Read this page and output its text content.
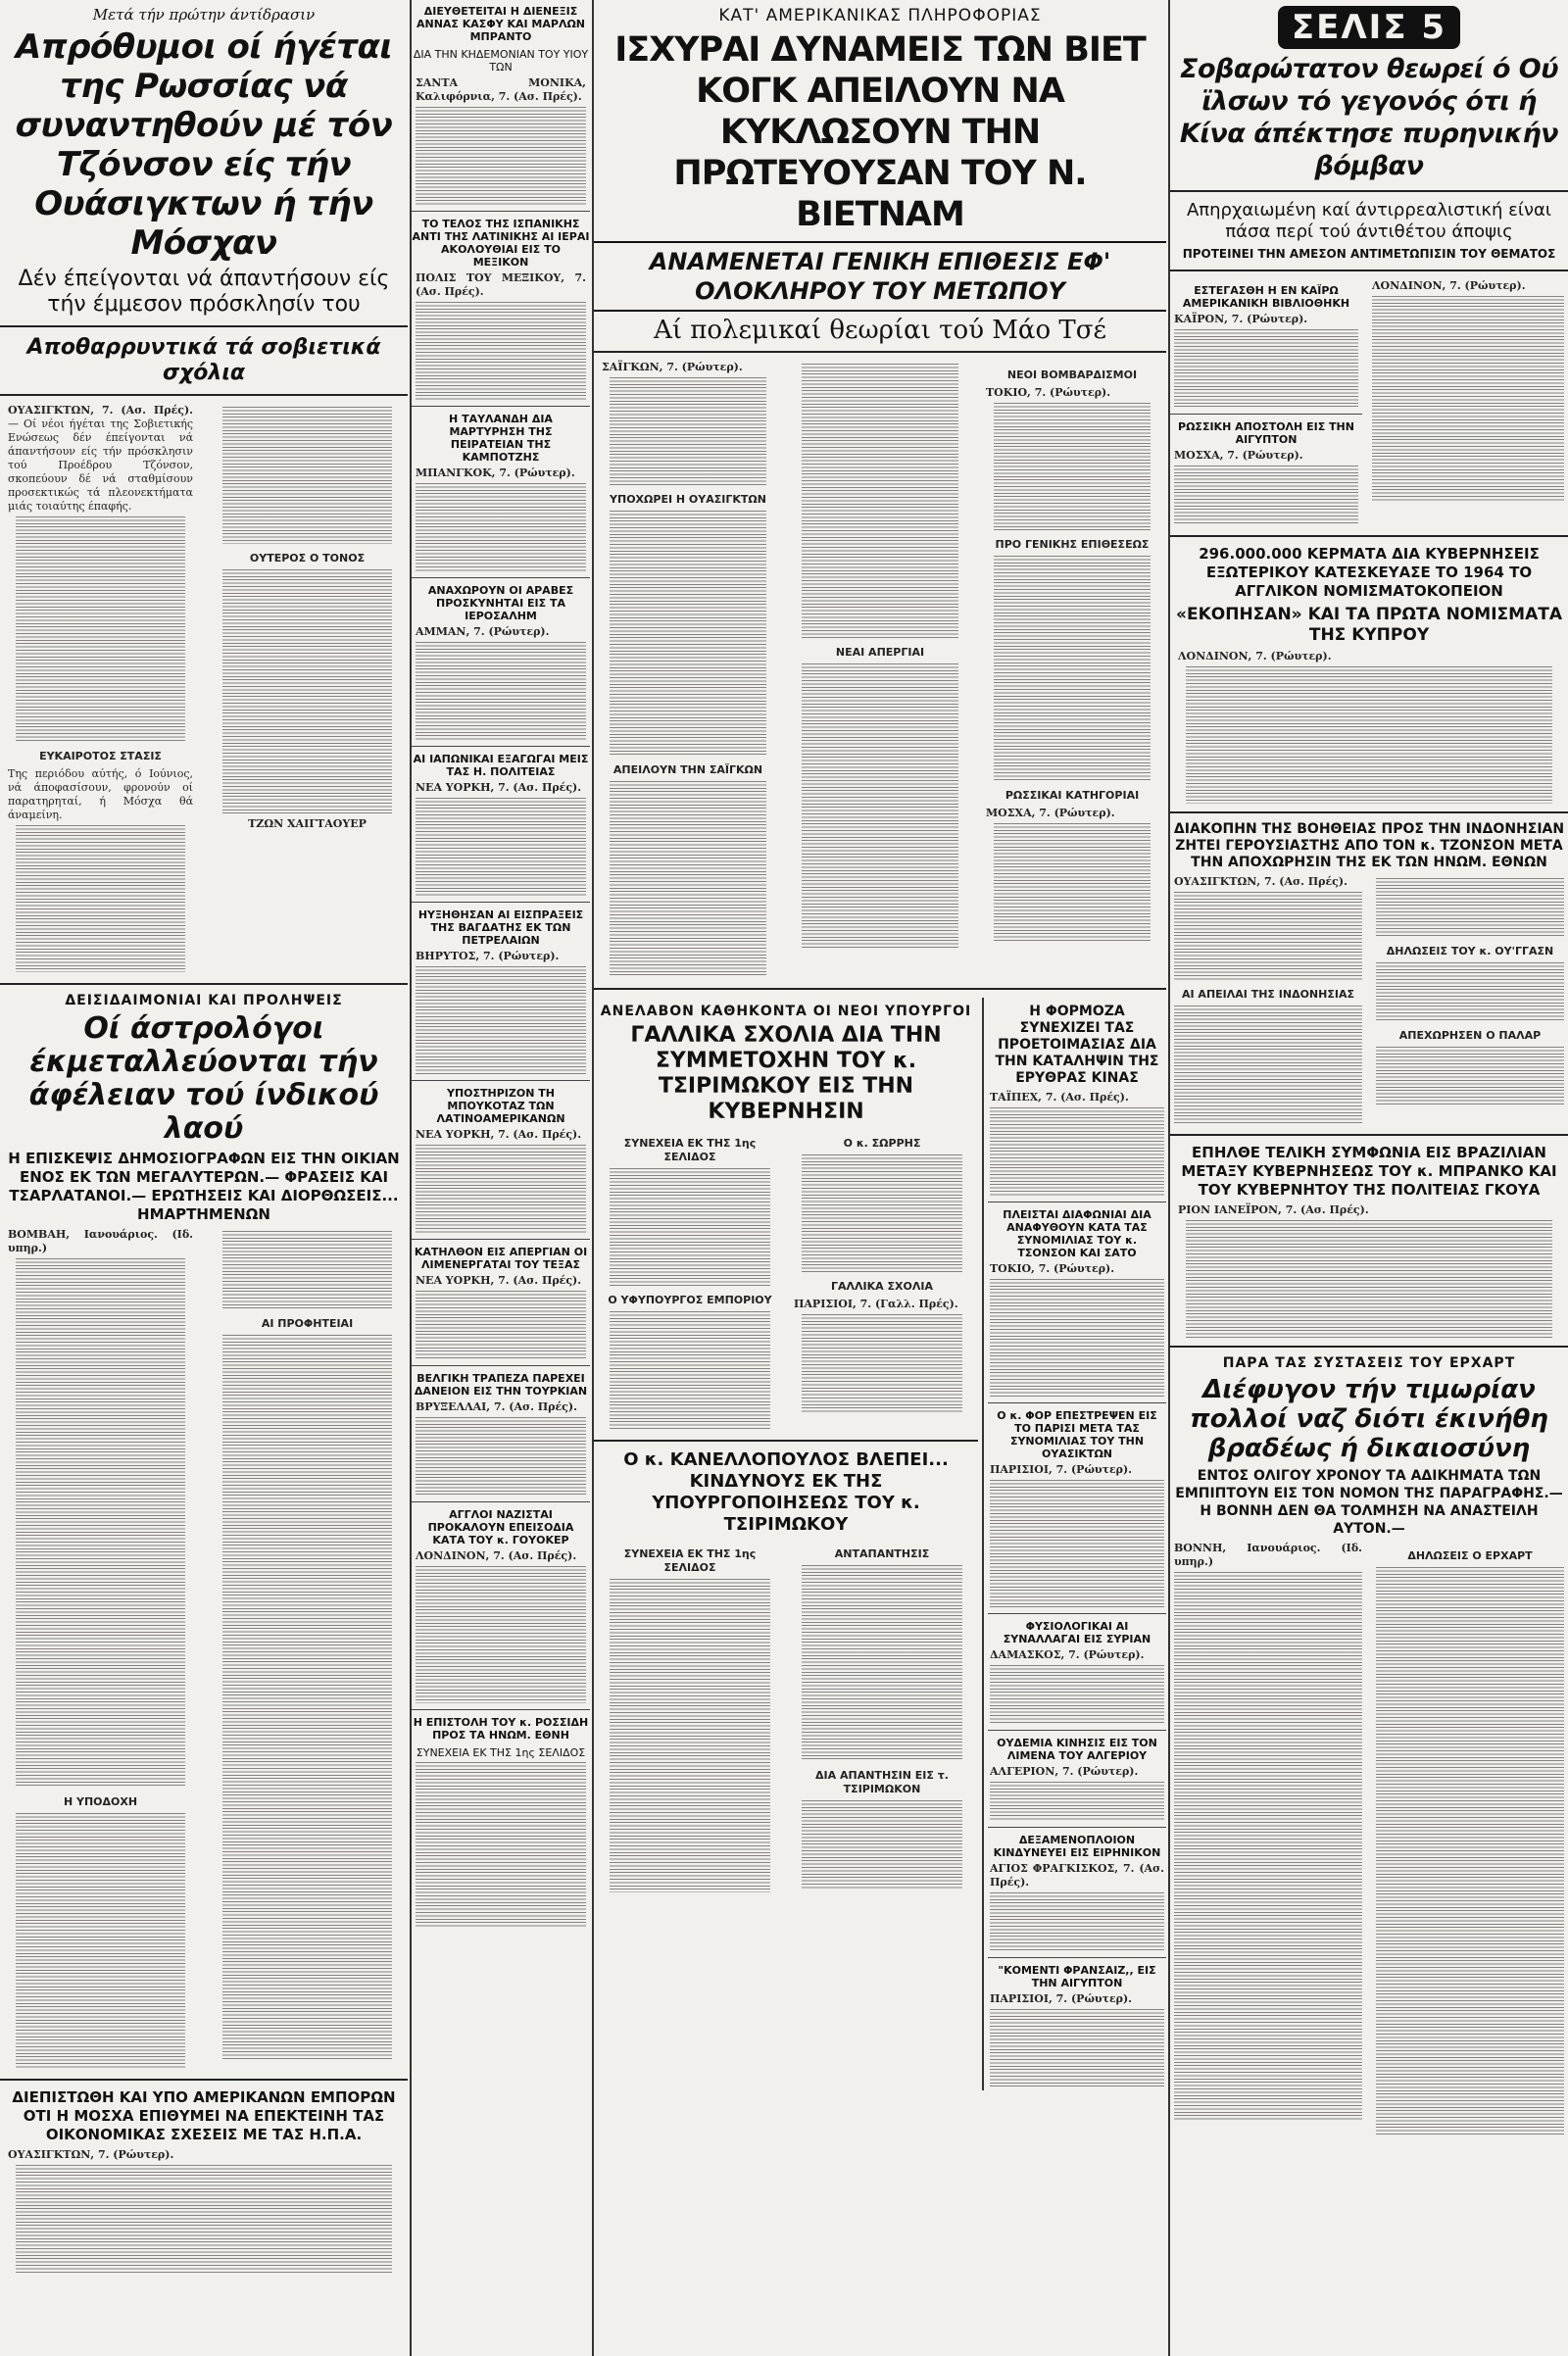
Μετά τήν πρώτην άντίδρασιν
Απρόθυμοι οί ήγέται της Ρωσσίας νά συναντηθούν μέ τόν Τζόνσον είς τήν Ουάσιγκτων ή τήν Μόσχαν
Δέν έπείγονται νά άπαντήσουν είς τήν έμμεσον πρόσκλησίν του
Αποθαρρυντικά τά σοβιετικά σχόλια
ΟΥΑΣΙΓΚΤΩΝ, 7. (Ασ. Πρές). — Οί νέοι ήγέται της Σοβιετικής Ενώσεως δέν έπείγονται νά άπαντήσουν είς τήν πρόσκλησιν τού Προέδρου Τζόνσον, σκοπεύουν δέ νά σταθμίσουν προσεκτικώς τά πλεονεκτήματα μιάς τοιαύτης έπαφής.
ΕΥΚΑΙΡΟΤΟΣ ΣΤΑΣΙΣ
Της περιόδου αύτής, ό Ιούνιος, νά άποφασίσουν, φρονούν οί παρατηρηταί, ή Μόσχα θά άναμείνη.
ΟΥΤΕΡΟΣ Ο ΤΟΝΟΣ
ΤΖΩΝ ΧΑΙΓΤΑΟΥΕΡ
ΔΕΙΣΙΔΑΙΜΟΝΙΑΙ ΚΑΙ ΠΡΟΛΗΨΕΙΣ
Οί άστρολόγοι έκμεταλλεύονται τήν άφέλειαν τού ίνδικού λαού
Η ΕΠΙΣΚΕΨΙΣ ΔΗΜΟΣΙΟΓΡΑΦΩΝ ΕΙΣ ΤΗΝ ΟΙΚΙΑΝ ΕΝΟΣ ΕΚ ΤΩΝ ΜΕΓΑΛΥΤΕΡΩΝ.— ΦΡΑΣΕΙΣ ΚΑΙ ΤΣΑΡΛΑΤΑΝΟΙ.— ΕΡΩΤΗΣΕΙΣ ΚΑΙ ΔΙΟΡΘΩΣΕΙΣ... ΗΜΑΡΤΗΜΕΝΩΝ
ΒΟΜΒΑΗ, Ιανουάριος. (Ιδ. υπηρ.)
Η ΥΠΟΔΟΧΗ
ΑΙ ΠΡΟΦΗΤΕΙΑΙ
ΔΙΕΠΙΣΤΩΘΗ ΚΑΙ ΥΠΟ ΑΜΕΡΙΚΑΝΩΝ ΕΜΠΟΡΩΝ ΟΤΙ Η ΜΟΣΧΑ ΕΠΙΘΥΜΕΙ ΝΑ ΕΠΕΚΤΕΙΝΗ ΤΑΣ ΟΙΚΟΝΟΜΙΚΑΣ ΣΧΕΣΕΙΣ ΜΕ ΤΑΣ Η.Π.Α.
ΟΥΑΣΙΓΚΤΩΝ, 7. (Ρώυτερ).
ΔΙΕΥΘΕΤΕΙΤΑΙ Η ΔΙΕΝΕΞΙΣ ΑΝΝΑΣ ΚΑΣΦΥ ΚΑΙ ΜΑΡΛΩΝ ΜΠΡΑΝΤΟ
ΔΙΑ ΤΗΝ ΚΗΔΕΜΟΝΙΑΝ ΤΟΥ ΥΙΟΥ ΤΩΝ
ΣΑΝΤΑ ΜΟΝΙΚΑ, Καλιφόρνια, 7. (Ασ. Πρές).
ΤΟ ΤΕΛΟΣ ΤΗΣ ΙΣΠΑΝΙΚΗΣ ΑΝΤΙ ΤΗΣ ΛΑΤΙΝΙΚΗΣ ΑΙ ΙΕΡΑΙ ΑΚΟΛΟΥΘΙΑΙ ΕΙΣ ΤΟ ΜΕΞΙΚΟΝ
ΠΟΛΙΣ ΤΟΥ ΜΕΞΙΚΟΥ, 7. (Ασ. Πρές).
Η ΤΑΥΛΑΝΔΗ ΔΙΑ ΜΑΡΤΥΡΗΣΗ ΤΗΣ ΠΕΙΡΑΤΕΙΑΝ ΤΗΣ ΚΑΜΠΟΤΖΗΣ
ΜΠΑΝΓΚΟΚ, 7. (Ρώυτερ).
ΑΝΑΧΩΡΟΥΝ ΟΙ ΑΡΑΒΕΣ ΠΡΟΣΚΥΝΗΤΑΙ ΕΙΣ ΤΑ ΙΕΡΟΣΑΛΗΜ
ΑΜΜΑΝ, 7. (Ρώυτερ).
ΑΙ ΙΑΠΩΝΙΚΑΙ ΕΞΑΓΩΓΑΙ ΜΕΙΣ ΤΑΣ Η. ΠΟΛΙΤΕΙΑΣ
ΝΕΑ ΥΟΡΚΗ, 7. (Ασ. Πρές).
ΗΥΞΗΘΗΣΑΝ ΑΙ ΕΙΣΠΡΑΞΕΙΣ ΤΗΣ ΒΑΓΔΑΤΗΣ ΕΚ ΤΩΝ ΠΕΤΡΕΛΑΙΩΝ
ΒΗΡΥΤΟΣ, 7. (Ρώυτερ).
ΥΠΟΣΤΗΡΙΖΟΝ ΤΗ ΜΠΟΥΚΟΤΑΖ ΤΩΝ ΛΑΤΙΝΟΑΜΕΡΙΚΑΝΩΝ
ΝΕΑ ΥΟΡΚΗ, 7. (Ασ. Πρές).
ΚΑΤΗΛΘΟΝ ΕΙΣ ΑΠΕΡΓΙΑΝ ΟΙ ΛΙΜΕΝΕΡΓΑΤΑΙ ΤΟΥ ΤΕΞΑΣ
ΝΕΑ ΥΟΡΚΗ, 7. (Ασ. Πρές).
ΒΕΛΓΙΚΗ ΤΡΑΠΕΖΑ ΠΑΡΕΧΕΙ ΔΑΝΕΙΟΝ ΕΙΣ ΤΗΝ ΤΟΥΡΚΙΑΝ
ΒΡΥΞΕΛΛΑΙ, 7. (Ασ. Πρές).
ΑΓΓΛΟΙ ΝΑΖΙΣΤΑΙ ΠΡΟΚΑΛΟΥΝ ΕΠΕΙΣΟΔΙΑ ΚΑΤΑ ΤΟΥ κ. ΓΟΥΟΚΕΡ
ΛΟΝΔΙΝΟΝ, 7. (Ασ. Πρές).
Η ΕΠΙΣΤΟΛΗ ΤΟΥ κ. ΡΟΣΣΙΔΗ ΠΡΟΣ ΤΑ ΗΝΩΜ. ΕΘΝΗ
ΣΥΝΕΧΕΙΑ ΕΚ ΤΗΣ 1ης ΣΕΛΙΔΟΣ
ΚΑΤ' ΑΜΕΡΙΚΑΝΙΚΑΣ ΠΛΗΡΟΦΟΡΙΑΣ
ΙΣΧΥΡΑΙ ΔΥΝΑΜΕΙΣ ΤΩΝ ΒΙΕΤ ΚΟΓΚ ΑΠΕΙΛΟΥΝ ΝΑ ΚΥΚΛΩΣΟΥΝ ΤΗΝ ΠΡΩΤΕΥΟΥΣΑΝ ΤΟΥ Ν. ΒΙΕΤΝΑΜ
ΑΝΑΜΕΝΕΤΑΙ ΓΕΝΙΚΗ ΕΠΙΘΕΣΙΣ ΕΦ' ΟΛΟΚΛΗΡΟΥ ΤΟΥ ΜΕΤΩΠΟΥ
Αί πολεμικαί θεωρίαι τού Μάο Τσέ
ΣΑΪΓΚΩΝ, 7. (Ρώυτερ).
ΥΠΟΧΩΡΕΙ Η ΟΥΑΣΙΓΚΤΩΝ
ΑΠΕΙΛΟΥΝ ΤΗΝ ΣΑΪΓΚΩΝ
ΝΕΑΙ ΑΠΕΡΓΙΑΙ
ΝΕΟΙ ΒΟΜΒΑΡΔΙΣΜΟΙ
ΤΟΚΙΟ, 7. (Ρώυτερ).
ΠΡΟ ΓΕΝΙΚΗΣ ΕΠΙΘΕΣΕΩΣ
ΡΩΣΣΙΚΑΙ ΚΑΤΗΓΟΡΙΑΙ
ΜΟΣΧΑ, 7. (Ρώυτερ).
ΑΝΕΛΑΒΟΝ ΚΑΘΗΚΟΝΤΑ ΟΙ ΝΕΟΙ ΥΠΟΥΡΓΟΙ
ΓΑΛΛΙΚΑ ΣΧΟΛΙΑ ΔΙΑ ΤΗΝ ΣΥΜΜΕΤΟΧΗΝ ΤΟΥ κ. ΤΣΙΡΙΜΩΚΟΥ ΕΙΣ ΤΗΝ ΚΥΒΕΡΝΗΣΙΝ
ΣΥΝΕΧΕΙΑ ΕΚ ΤΗΣ 1ης ΣΕΛΙΔΟΣ
Ο ΥΦΥΠΟΥΡΓΟΣ ΕΜΠΟΡΙΟΥ
Ο κ. ΣΩΡΡΗΣ
ΓΑΛΛΙΚΑ ΣΧΟΛΙΑ
ΠΑΡΙΣΙΟΙ, 7. (Γαλλ. Πρές).
Ο κ. ΚΑΝΕΛΛΟΠΟΥΛΟΣ ΒΛΕΠΕΙ... ΚΙΝΔΥΝΟΥΣ ΕΚ ΤΗΣ ΥΠΟΥΡΓΟΠΟΙΗΣΕΩΣ ΤΟΥ κ. ΤΣΙΡΙΜΩΚΟΥ
ΣΥΝΕΧΕΙΑ ΕΚ ΤΗΣ 1ης ΣΕΛΙΔΟΣ
ΑΝΤΑΠΑΝΤΗΣΙΣ
ΔΙΑ ΑΠΑΝΤΗΣΙΝ ΕΙΣ τ. ΤΣΙΡΙΜΩΚΟΝ
Η ΦΟΡΜΟΖΑ ΣΥΝΕΧΙΖΕΙ ΤΑΣ ΠΡΟΕΤΟΙΜΑΣΙΑΣ ΔΙΑ ΤΗΝ ΚΑΤΑΛΗΨΙΝ ΤΗΣ ΕΡΥΘΡΑΣ ΚΙΝΑΣ
ΤΑΪΠΕΧ, 7. (Ασ. Πρές).
ΠΛΕΙΣΤΑΙ ΔΙΑΦΩΝΙΑΙ ΔΙΑ ΑΝΑΦΥΘΟΥΝ ΚΑΤΑ ΤΑΣ ΣΥΝΟΜΙΛΙΑΣ ΤΟΥ κ. ΤΣΟΝΣΟΝ ΚΑΙ ΣΑΤΟ
ΤΟΚΙΟ, 7. (Ρώυτερ).
Ο κ. ΦΟΡ ΕΠΕΣΤΡΕΨΕΝ ΕΙΣ ΤΟ ΠΑΡΙΣΙ ΜΕΤΑ ΤΑΣ ΣΥΝΟΜΙΛΙΑΣ ΤΟΥ ΤΗΝ ΟΥΑΣΙΚΤΩΝ
ΠΑΡΙΣΙΟΙ, 7. (Ρώυτερ).
ΦΥΣΙΟΛΟΓΙΚΑΙ ΑΙ ΣΥΝΑΛΛΑΓΑΙ ΕΙΣ ΣΥΡΙΑΝ
ΔΑΜΑΣΚΟΣ, 7. (Ρώυτερ).
ΟΥΔΕΜΙΑ ΚΙΝΗΣΙΣ ΕΙΣ ΤΟΝ ΛΙΜΕΝΑ ΤΟΥ ΑΛΓΕΡΙΟΥ
ΑΛΓΕΡΙΟΝ, 7. (Ρώυτερ).
ΔΕΞΑΜΕΝΟΠΛΟΙΟΝ ΚΙΝΔΥΝΕΥΕΙ ΕΙΣ ΕΙΡΗΝΙΚΟΝ
ΑΓΙΟΣ ΦΡΑΓΚΙΣΚΟΣ, 7. (Ασ. Πρές).
"ΚΟΜΕΝΤΙ ΦΡΑΝΣΑΙΖ,, ΕΙΣ ΤΗΝ ΑΙΓΥΠΤΟΝ
ΠΑΡΙΣΙΟΙ, 7. (Ρώυτερ).
ΣΕΛΙΣ 5
Σοβαρώτατον θεωρεί ό Ού ϊλσων τό γεγονός ότι ή Κίνα άπέκτησε πυρηνικήν βόμβαν
Απηρχαιωμένη καί άντιρρεαλιστική είναι πάσα περί τού άντιθέτου άποψις
ΠΡΟΤΕΙΝΕΙ ΤΗΝ ΑΜΕΣΟΝ ΑΝΤΙΜΕΤΩΠΙΣΙΝ ΤΟΥ ΘΕΜΑΤΟΣ
ΕΣΤΕΓΑΣΘΗ Η ΕΝ ΚΑΪΡΩ ΑΜΕΡΙΚΑΝΙΚΗ ΒΙΒΛΙΟΘΗΚΗ
ΚΑΪΡΟΝ, 7. (Ρώυτερ).
ΡΩΣΣΙΚΗ ΑΠΟΣΤΟΛΗ ΕΙΣ ΤΗΝ ΑΙΓΥΠΤΟΝ
ΜΟΣΧΑ, 7. (Ρώυτερ).
ΛΟΝΔΙΝΟΝ, 7. (Ρώυτερ).
296.000.000 ΚΕΡΜΑΤΑ ΔΙΑ ΚΥΒΕΡΝΗΣΕΙΣ ΕΞΩΤΕΡΙΚΟΥ ΚΑΤΕΣΚΕΥΑΣΕ ΤΟ 1964 ΤΟ ΑΓΓΛΙΚΟΝ ΝΟΜΙΣΜΑΤΟΚΟΠΕΙΟΝ
«ΕΚΟΠΗΣΑΝ» ΚΑΙ ΤΑ ΠΡΩΤΑ ΝΟΜΙΣΜΑΤΑ ΤΗΣ ΚΥΠΡΟΥ
ΛΟΝΔΙΝΟΝ, 7. (Ρώυτερ).
ΔΙΑΚΟΠΗΝ ΤΗΣ ΒΟΗΘΕΙΑΣ ΠΡΟΣ ΤΗΝ ΙΝΔΟΝΗΣΙΑΝ ΖΗΤΕΙ ΓΕΡΟΥΣΙΑΣΤΗΣ ΑΠΟ ΤΟΝ κ. ΤΖΟΝΣΟΝ ΜΕΤΑ ΤΗΝ ΑΠΟΧΩΡΗΣΙΝ ΤΗΣ ΕΚ ΤΩΝ ΗΝΩΜ. ΕΘΝΩΝ
ΟΥΑΣΙΓΚΤΩΝ, 7. (Ασ. Πρές).
ΑΙ ΑΠΕΙΛΑΙ ΤΗΣ ΙΝΔΟΝΗΣΙΑΣ
ΔΗΛΩΣΕΙΣ ΤΟΥ κ. ΟΥ'ΓΓΑΣΝ
ΑΠΕΧΩΡΗΣΕΝ Ο ΠΑΛΑΡ
ΕΠΗΛΘΕ ΤΕΛΙΚΗ ΣΥΜΦΩΝΙΑ ΕΙΣ ΒΡΑΖΙΛΙΑΝ ΜΕΤΑΞΥ ΚΥΒΕΡΝΗΣΕΩΣ ΤΟΥ κ. ΜΠΡΑΝΚΟ ΚΑΙ ΤΟΥ ΚΥΒΕΡΝΗΤΟΥ ΤΗΣ ΠΟΛΙΤΕΙΑΣ ΓΚΟΥΑ
ΡΙΟΝ ΙΑΝΕΪΡΟΝ, 7. (Ασ. Πρές).
ΠΑΡΑ ΤΑΣ ΣΥΣΤΑΣΕΙΣ ΤΟΥ ΕΡΧΑΡΤ
Διέφυγον τήν τιμωρίαν πολλοί ναζ διότι έκινήθη βραδέως ή δικαιοσύνη
ΕΝΤΟΣ ΟΛΙΓΟΥ ΧΡΟΝΟΥ ΤΑ ΑΔΙΚΗΜΑΤΑ ΤΩΝ ΕΜΠΙΠΤΟΥΝ ΕΙΣ ΤΟΝ ΝΟΜΟΝ ΤΗΣ ΠΑΡΑΓΡΑΦΗΣ.— Η ΒΟΝΝΗ ΔΕΝ ΘΑ ΤΟΛΜΗΣΗ ΝΑ ΑΝΑΣΤΕΙΛΗ ΑΥΤΟΝ.—
ΒΟΝΝΗ, Ιανουάριος. (Ιδ. υπηρ.)	ΔΗΛΩΣΕΙΣ Ο ΕΡΧΑΡΤ
